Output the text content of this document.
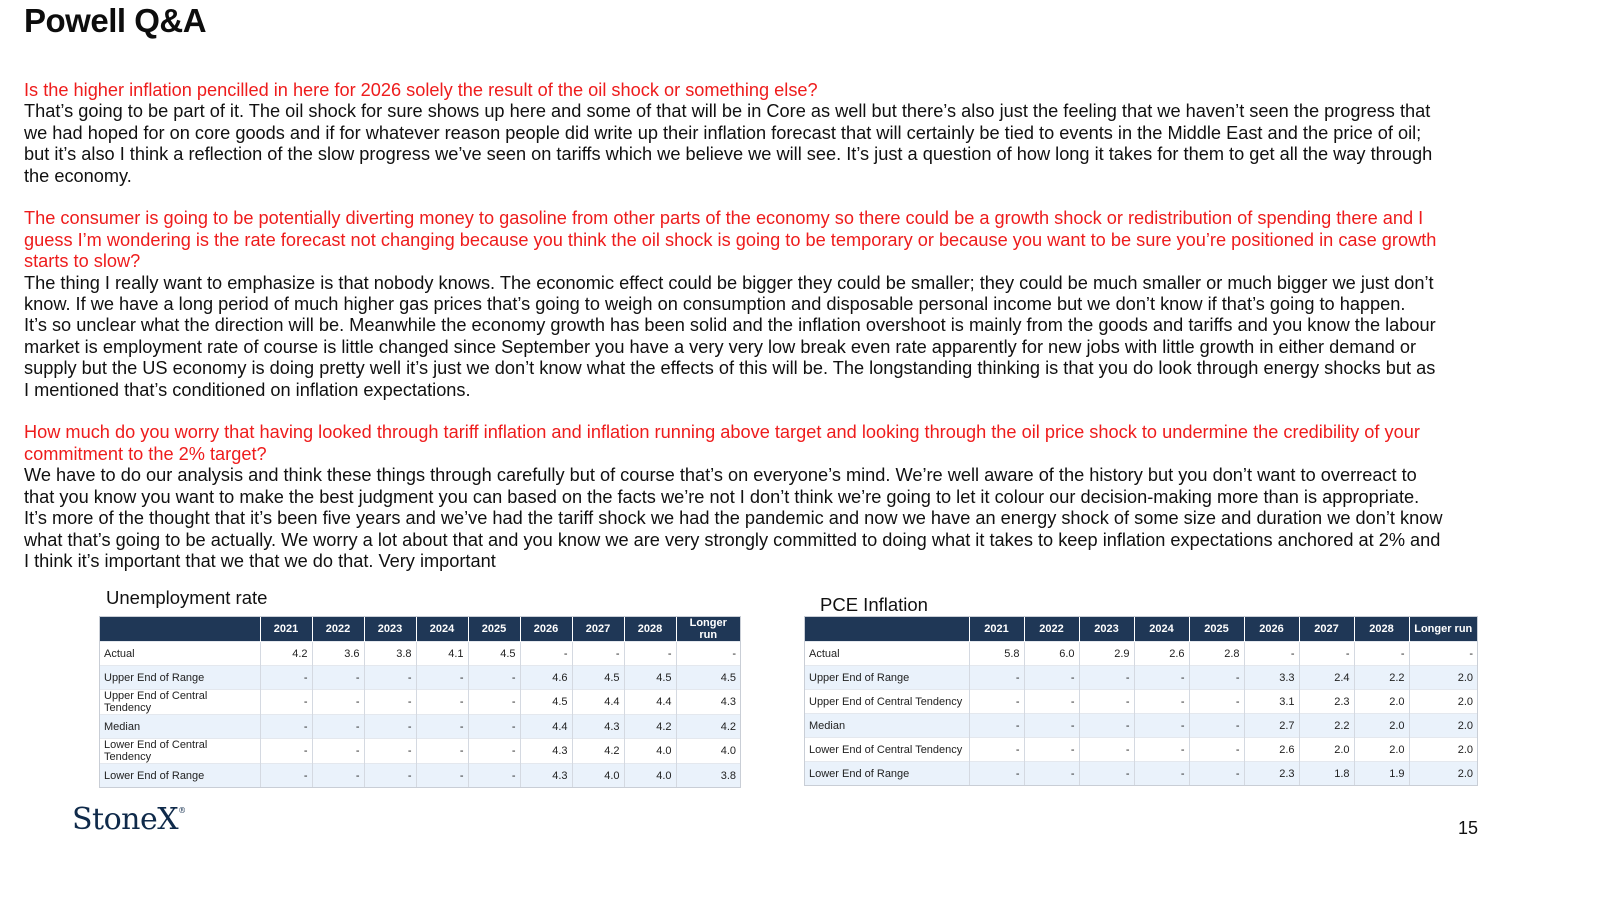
Powell Q&A

Is the higher inflation pencilled in here for 2026 solely the result of the oil shock or something else?

That’s going to be part of it. The oil shock for sure shows up here and some of that will be in Core as well but there’s also just the feeling that we haven’t seen the progress that we had hoped for on core goods and if for whatever reason people did write up their inflation forecast that will certainly be tied to events in the Middle East and the price of oil; but it’s also I think a reflection of the slow progress we’ve seen on tariffs which we believe we will see. It’s just a question of how long it takes for them to get all the way through the economy.

The consumer is going to be potentially diverting money to gasoline from other parts of the economy so there could be a growth shock or redistribution of spending there and I guess I’m wondering is the rate forecast not changing because you think the oil shock is going to be temporary or because you want to be sure you’re positioned in case growth starts to slow?

The thing I really want to emphasize is that nobody knows. The economic effect could be bigger they could be smaller; they could be much smaller or much bigger we just don’t know. If we have a long period of much higher gas prices that’s going to weigh on consumption and disposable personal income but we don’t know if that’s going to happen.

It’s so unclear what the direction will be. Meanwhile the economy growth has been solid and the inflation overshoot is mainly from the goods and tariffs and you know the labour market is employment rate of course is little changed since September you have a very very low break even rate apparently for new jobs with little growth in either demand or supply but the US economy is doing pretty well it’s just we don’t know what the effects of this will be. The longstanding thinking is that you do look through energy shocks but as I mentioned that’s conditioned on inflation expectations.

How much do you worry that having looked through tariff inflation and inflation running above target and looking through the oil price shock to undermine the credibility of your commitment to the 2% target?

We have to do our analysis and think these things through carefully but of course that’s on everyone’s mind. We’re well aware of the history but you don’t want to overreact to that you know you want to make the best judgment you can based on the facts we’re not I don’t think we’re going to let it colour our decision-making more than is appropriate. It’s more of the thought that it’s been five years and we’ve had the tariff shock we had the pandemic and now we have an energy shock of some size and duration we don’t know what that’s going to be actually. We worry a lot about that and you know we are very strongly committed to doing what it takes to keep inflation expectations anchored at 2% and I think it’s important that we that we do that. Very important

Unemployment rate
	2021	2022	2023	2024	2025	2026	2027	2028	Longer run
Actual	4.2	3.6	3.8	4.1	4.5	-	-	-	-
Upper End of Range	-	-	-	-	-	4.6	4.5	4.5	4.5
Upper End of Central Tendency	-	-	-	-	-	4.5	4.4	4.4	4.3
Median	-	-	-	-	-	4.4	4.3	4.2	4.2
Lower End of Central Tendency	-	-	-	-	-	4.3	4.2	4.0	4.0
Lower End of Range	-	-	-	-	-	4.3	4.0	4.0	3.8
PCE Inflation
	2021	2022	2023	2024	2025	2026	2027	2028	Longer run
Actual	5.8	6.0	2.9	2.6	2.8	-	-	-	-
Upper End of Range	-	-	-	-	-	3.3	2.4	2.2	2.0
Upper End of Central Tendency	-	-	-	-	-	3.1	2.3	2.0	2.0
Median	-	-	-	-	-	2.7	2.2	2.0	2.0
Lower End of Central Tendency	-	-	-	-	-	2.6	2.0	2.0	2.0
Lower End of Range	-	-	-	-	-	2.3	1.8	1.9	2.0
StoneX®
15
